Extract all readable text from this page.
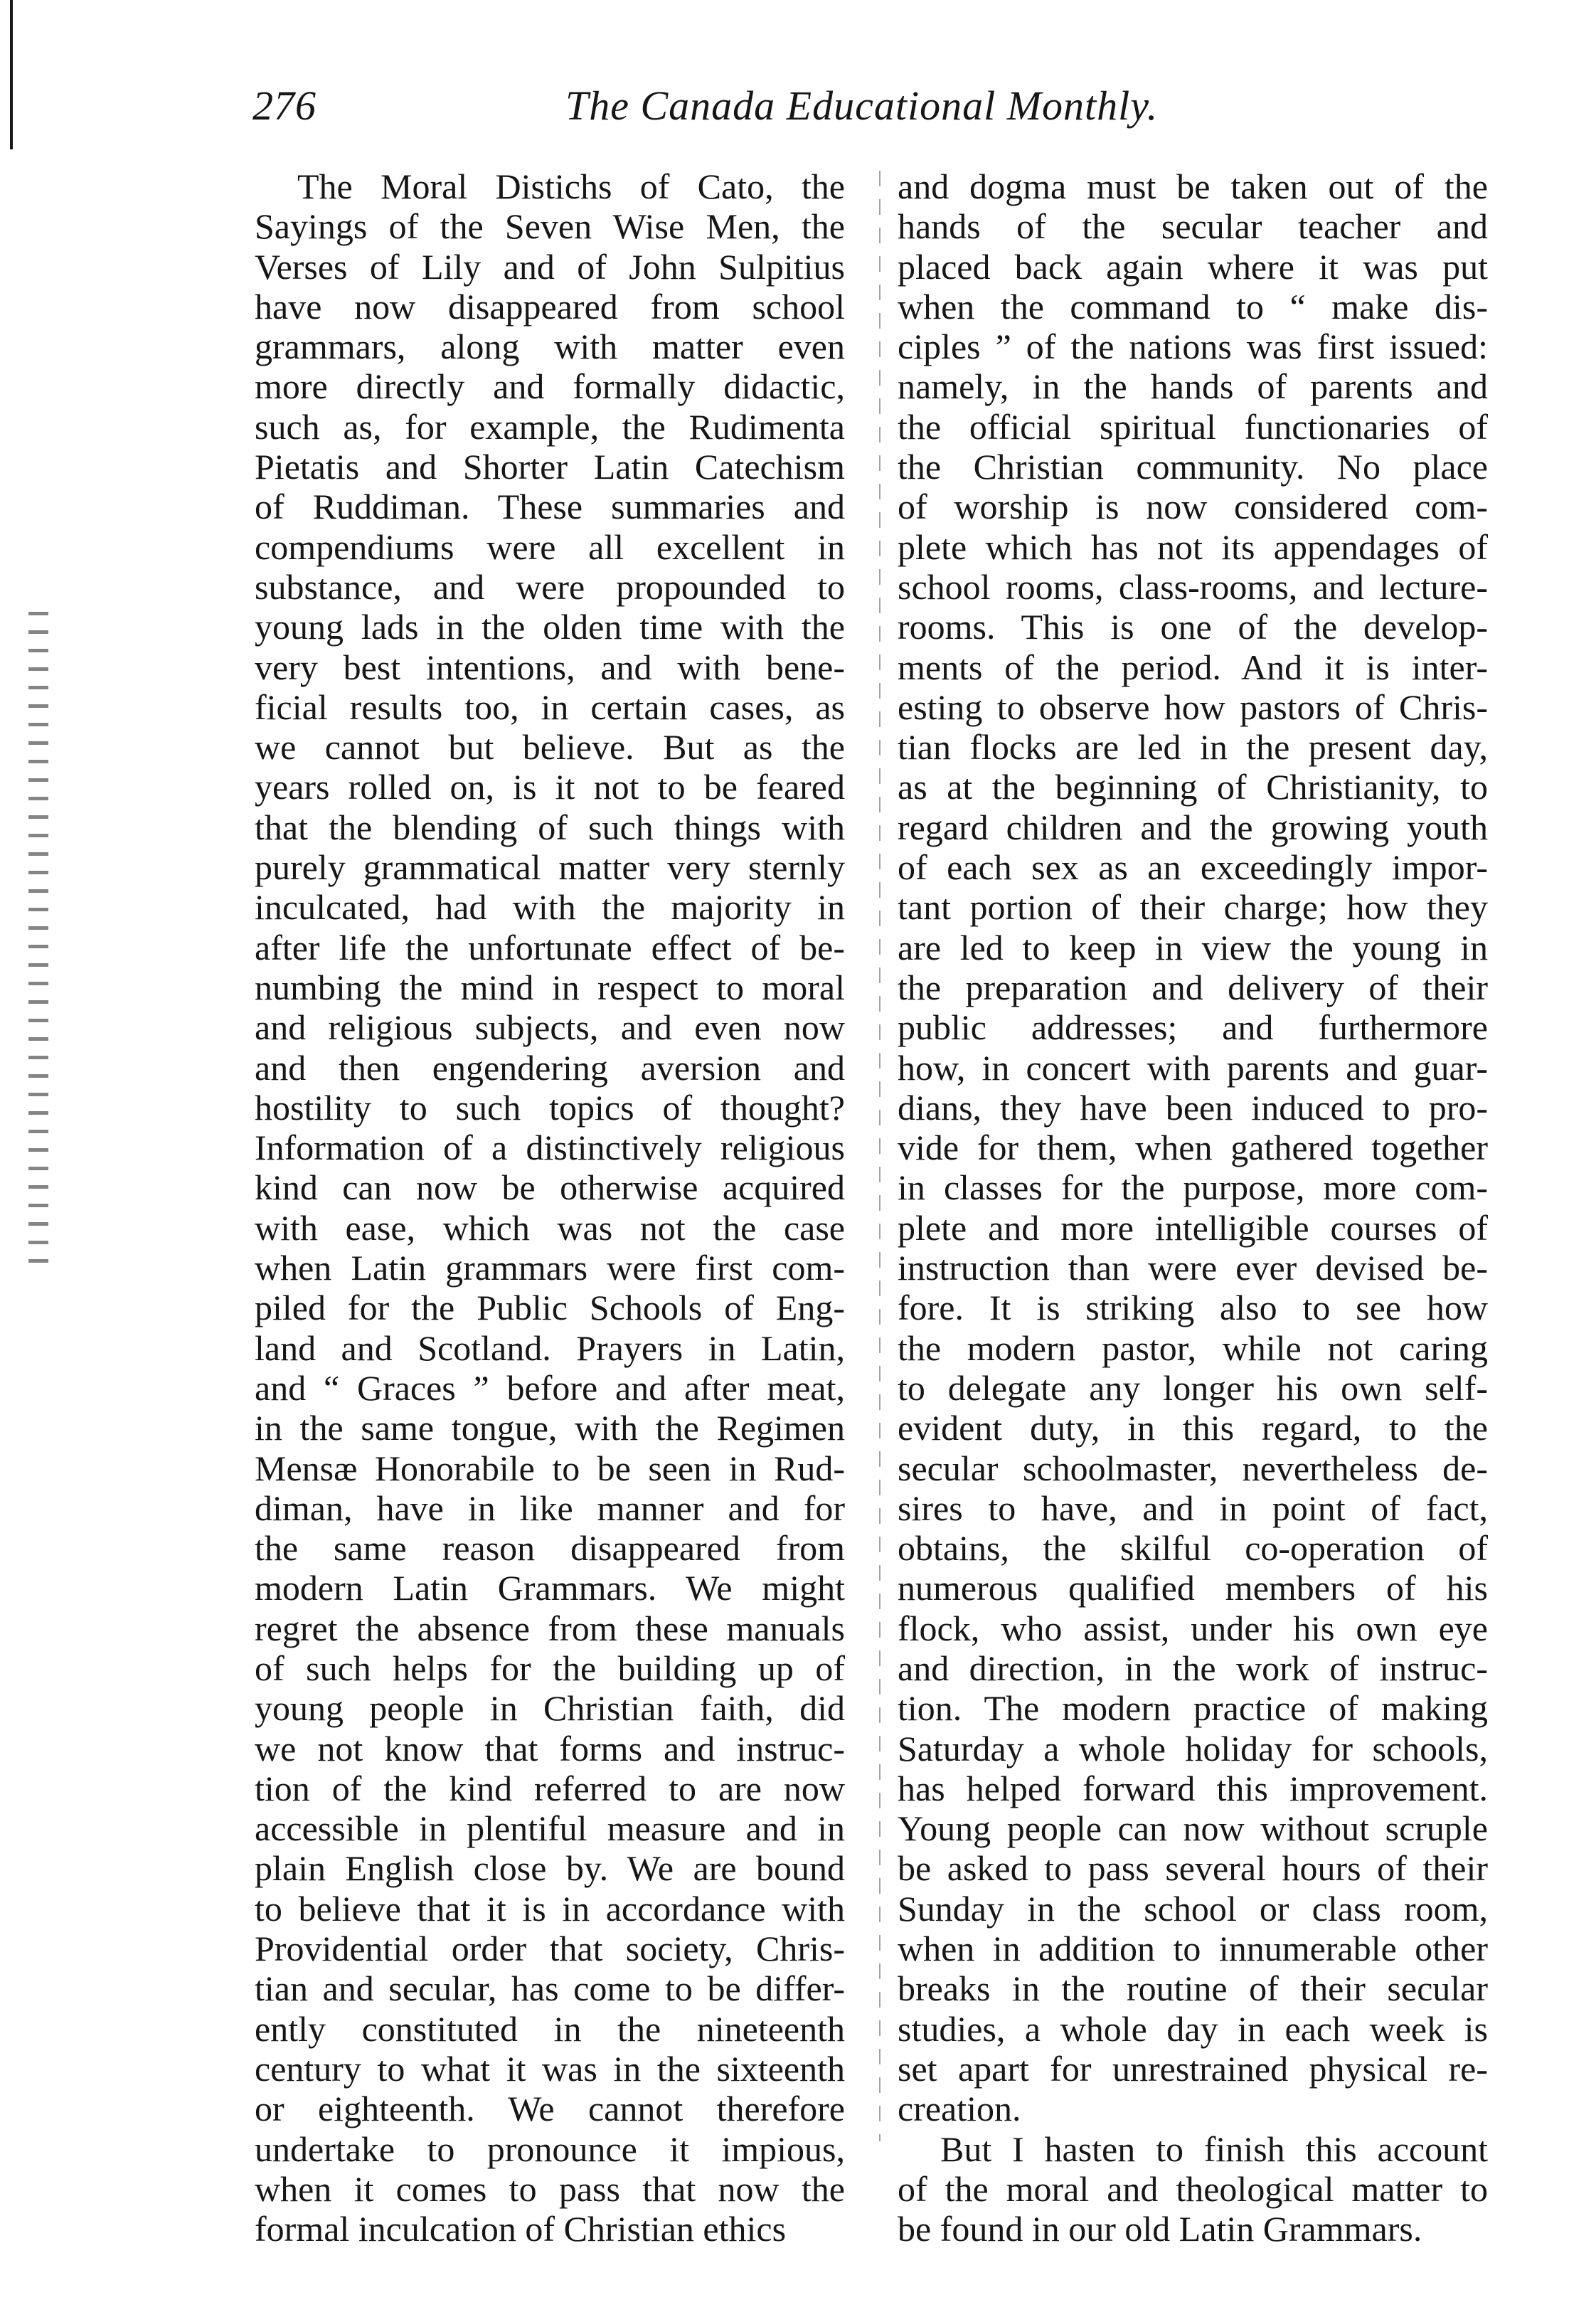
276	The Canada Educational Monthly.
The Moral Distichs of Cato, the
Sayings of the Seven Wise Men, the
Verses of Lily and of John Sulpitius
have now disappeared from school
grammars, along with matter even
more directly and formally didactic,
such as, for example, the Rudimenta
Pietatis and Shorter Latin Catechism
of Ruddiman. These summaries and
compendiums were all excellent in
substance, and were propounded to
young lads in the olden time with the
very best intentions, and with bene-
ficial results too, in certain cases, as
we cannot but believe. But as the
years rolled on, is it not to be feared
that the blending of such things with
purely grammatical matter very sternly
inculcated, had with the majority in
after life the unfortunate effect of be-
numbing the mind in respect to moral
and religious subjects, and even now
and then engendering aversion and
hostility to such topics of thought?
Information of a distinctively religious
kind can now be otherwise acquired
with ease, which was not the case
when Latin grammars were first com-
piled for the Public Schools of Eng-
land and Scotland. Prayers in Latin,
and “ Graces ” before and after meat,
in the same tongue, with the Regimen
Mensæ Honorabile to be seen in Rud-
diman, have in like manner and for
the same reason disappeared from
modern Latin Grammars. We might
regret the absence from these manuals
of such helps for the building up of
young people in Christian faith, did
we not know that forms and instruc-
tion of the kind referred to are now
accessible in plentiful measure and in
plain English close by. We are bound
to believe that it is in accordance with
Providential order that society, Chris-
tian and secular, has come to be differ-
ently constituted in the nineteenth
century to what it was in the sixteenth
or eighteenth. We cannot therefore
undertake to pronounce it impious,
when it comes to pass that now the
formal inculcation of Christian ethics
and dogma must be taken out of the
hands of the secular teacher and
placed back again where it was put
when the command to “ make dis-
ciples ” of the nations was first issued:
namely, in the hands of parents and
the official spiritual functionaries of
the Christian community. No place
of worship is now considered com-
plete which has not its appendages of
school rooms, class-rooms, and lecture-
rooms. This is one of the develop-
ments of the period. And it is inter-
esting to observe how pastors of Chris-
tian flocks are led in the present day,
as at the beginning of Christianity, to
regard children and the growing youth
of each sex as an exceedingly impor-
tant portion of their charge; how they
are led to keep in view the young in
the preparation and delivery of their
public addresses; and furthermore
how, in concert with parents and guar-
dians, they have been induced to pro-
vide for them, when gathered together
in classes for the purpose, more com-
plete and more intelligible courses of
instruction than were ever devised be-
fore. It is striking also to see how
the modern pastor, while not caring
to delegate any longer his own self-
evident duty, in this regard, to the
secular schoolmaster, nevertheless de-
sires to have, and in point of fact,
obtains, the skilful co-operation of
numerous qualified members of his
flock, who assist, under his own eye
and direction, in the work of instruc-
tion. The modern practice of making
Saturday a whole holiday for schools,
has helped forward this improvement.
Young people can now without scruple
be asked to pass several hours of their
Sunday in the school or class room,
when in addition to innumerable other
breaks in the routine of their secular
studies, a whole day in each week is
set apart for unrestrained physical re-
creation.
But I hasten to finish this account
of the moral and theological matter to
be found in our old Latin Grammars.
